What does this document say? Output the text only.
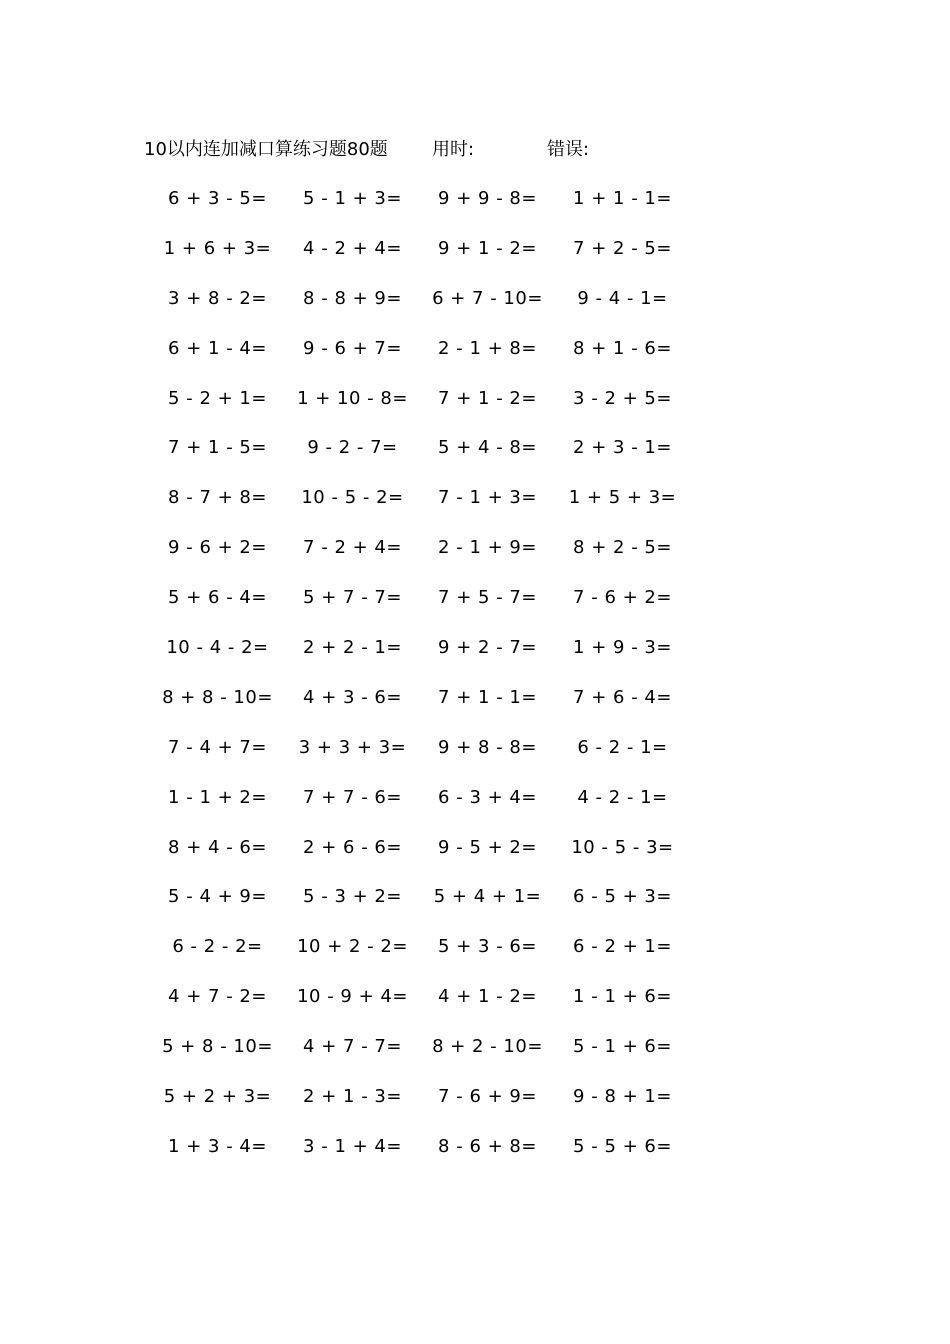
10以内连加减口算练习题80题 用时:	错误:
6 + 3 - 5=	5 - 1 + 3=	9 + 9 - 8=	1 + 1 - 1=
1 + 6 + 3=	4 - 2 + 4=	9 + 1 - 2=	7 + 2 - 5=
3 + 8 - 2=	8 - 8 + 9=	6 + 7 - 10=	9 - 4 - 1=
6 + 1 - 4=	9 - 6 + 7=	2 - 1 + 8=	8 + 1 - 6=
5 - 2 + 1=	1 + 10 - 8=	7 + 1 - 2=	3 - 2 + 5=
7 + 1 - 5=	9 - 2 - 7=	5 + 4 - 8=	2 + 3 - 1=
8 - 7 + 8=	10 - 5 - 2=	7 - 1 + 3=	1 + 5 + 3=
9 - 6 + 2=	7 - 2 + 4=	2 - 1 + 9=	8 + 2 - 5=
5 + 6 - 4=	5 + 7 - 7=	7 + 5 - 7=	7 - 6 + 2=
10 - 4 - 2=	2 + 2 - 1=	9 + 2 - 7=	1 + 9 - 3=
8 + 8 - 10=	4 + 3 - 6=	7 + 1 - 1=	7 + 6 - 4=
7 - 4 + 7=	3 + 3 + 3=	9 + 8 - 8=	6 - 2 - 1=
1 - 1 + 2=	7 + 7 - 6=	6 - 3 + 4=	4 - 2 - 1=
8 + 4 - 6=	2 + 6 - 6=	9 - 5 + 2=	10 - 5 - 3=
5 - 4 + 9=	5 - 3 + 2=	5 + 4 + 1=	6 - 5 + 3=
6 - 2 - 2=	10 + 2 - 2=	5 + 3 - 6=	6 - 2 + 1=
4 + 7 - 2=	10 - 9 + 4=	4 + 1 - 2=	1 - 1 + 6=
5 + 8 - 10=	4 + 7 - 7=	8 + 2 - 10=	5 - 1 + 6=
5 + 2 + 3=	2 + 1 - 3=	7 - 6 + 9=	9 - 8 + 1=
1 + 3 - 4=	3 - 1 + 4=	8 - 6 + 8=	5 - 5 + 6=
